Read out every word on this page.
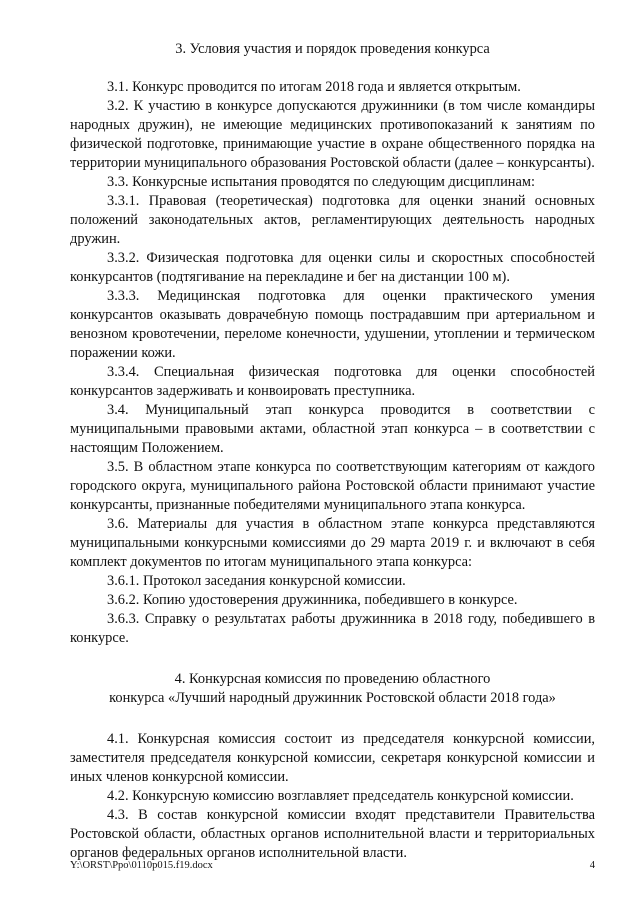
3. Условия участия и порядок проведения конкурса

3.1. Конкурс проводится по итогам 2018 года и является открытым.

3.2. К участию в конкурсе допускаются дружинники (в том числе командиры народных дружин), не имеющие медицинских противопоказаний к занятиям по физической подготовке, принимающие участие в охране общественного порядка на территории муниципального образования Ростовской области (далее – конкурсанты).

3.3. Конкурсные испытания проводятся по следующим дисциплинам:

3.3.1. Правовая (теоретическая) подготовка для оценки знаний основных положений законодательных актов, регламентирующих деятельность народных дружин.

3.3.2. Физическая подготовка для оценки силы и скоростных способностей конкурсантов (подтягивание на перекладине и бег на дистанции 100 м).

3.3.3. Медицинская подготовка для оценки практического умения конкурсантов оказывать доврачебную помощь пострадавшим при артериальном и венозном кровотечении, переломе конечности, удушении, утоплении и термическом поражении кожи.

3.3.4. Специальная физическая подготовка для оценки способностей конкурсантов задерживать и конвоировать преступника.

3.4. Муниципальный этап конкурса проводится в соответствии с муниципальными правовыми актами, областной этап конкурса – в соответствии с настоящим Положением.

3.5. В областном этапе конкурса по соответствующим категориям от каждого городского округа, муниципального района Ростовской области принимают участие конкурсанты, признанные победителями муниципального этапа конкурса.

3.6. Материалы для участия в областном этапе конкурса представляются муниципальными конкурсными комиссиями до 29 марта 2019 г. и включают в себя комплект документов по итогам муниципального этапа конкурса:

3.6.1. Протокол заседания конкурсной комиссии.

3.6.2. Копию удостоверения дружинника, победившего в конкурсе.

3.6.3. Справку о результатах работы дружинника в 2018 году, победившего в конкурсе.

4. Конкурсная комиссия по проведению областного

конкурса «Лучший народный дружинник Ростовской области 2018 года»

4.1. Конкурсная комиссия состоит из председателя конкурсной комиссии, заместителя председателя конкурсной комиссии, секретаря конкурсной комиссии и иных членов конкурсной комиссии.

4.2. Конкурсную комиссию возглавляет председатель конкурсной комиссии.

4.3. В состав конкурсной комиссии входят представители Правительства Ростовской области, областных органов исполнительной власти и территориальных органов федеральных органов исполнительной власти.

Y:\ORST\Ppo\0110p015.f19.docx	4
